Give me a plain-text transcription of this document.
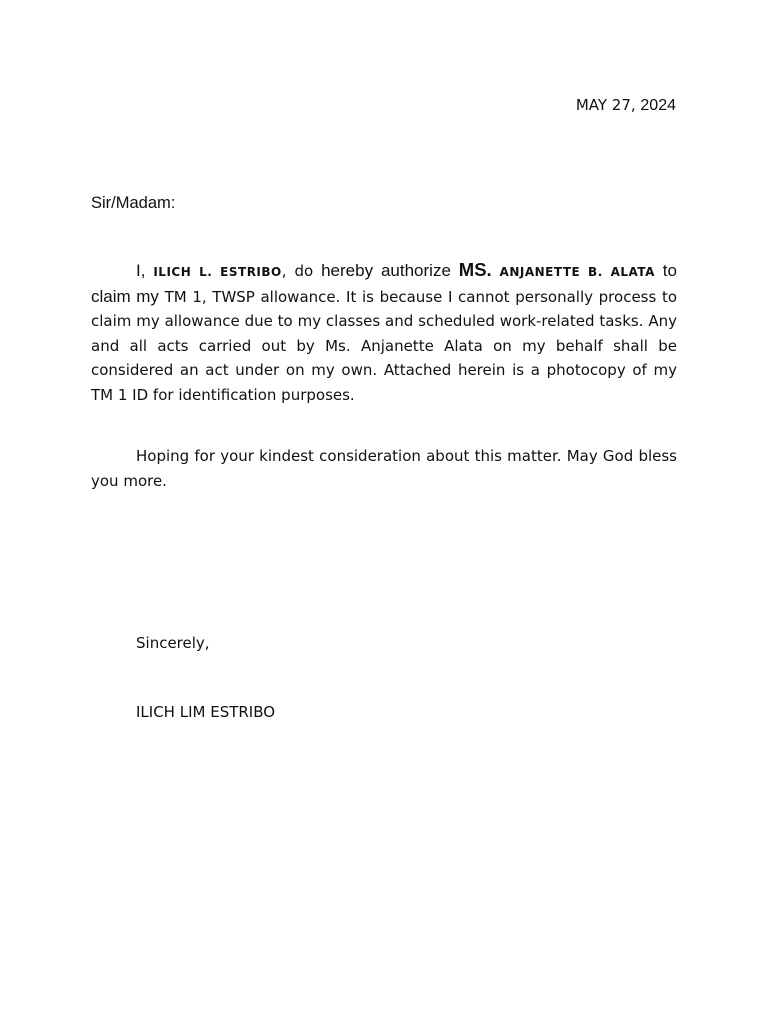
MAY 27, 2024
Sir/Madam:
I, ILICH L. ESTRIBO, do hereby authorize MS. ANJANETTE B. ALATA to claim my TM 1, TWSP allowance. It is because I cannot personally process to claim my allowance due to my classes and scheduled work-related tasks. Any and all acts carried out by Ms. Anjanette Alata on my behalf shall be considered an act under on my own. Attached herein is a photocopy of my TM 1 ID for identification purposes.
Hoping for your kindest consideration about this matter. May God bless you more.
Sincerely,
ILICH LIM ESTRIBO
